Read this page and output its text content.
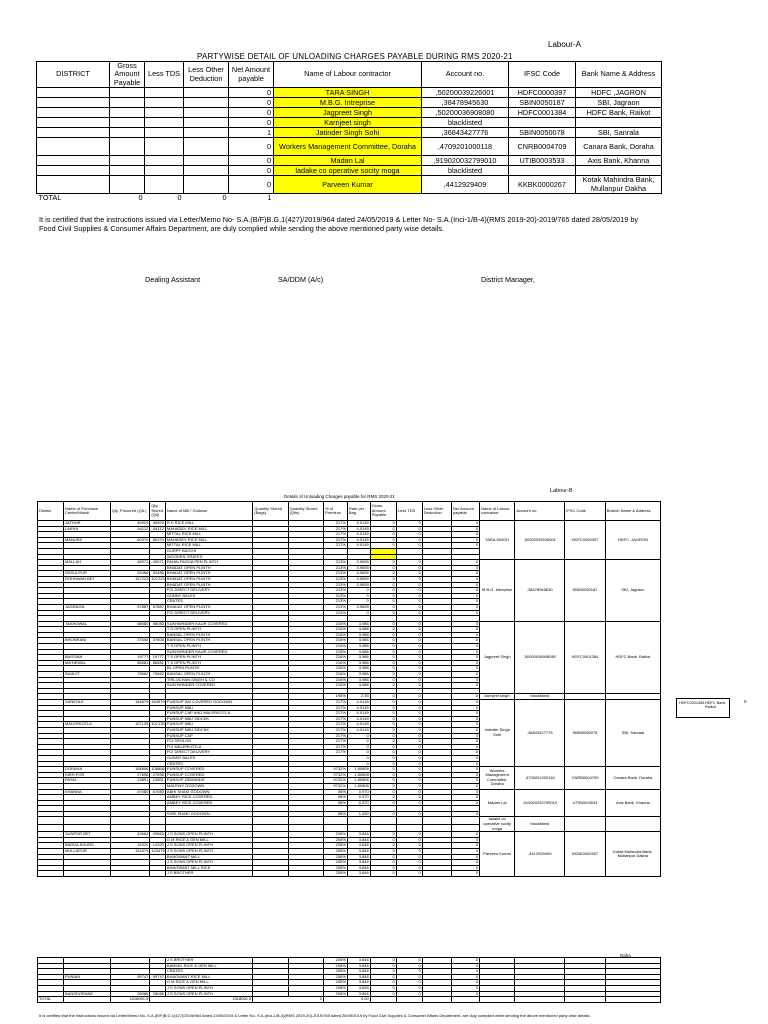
Labour-A
PARTYWISE DETAIL OF UNLOADING CHARGES PAYABLE DURING RMS 2020-21
DISTRICT	Gross Amount Payable	Less TDS	Less Other Deduction	Net Amount payable	Name of Labour contractor	Account no.	IFSC Code	Bank Name & Address
				0	TARA SINGH	,50200039226001	HDFC0000397	HDFC ,JAGRON
				0	M.B.G. Intreprise	,38478945630	SBIN0050187	SBI, Jagraon
				0	Jagpreet Singh	,50200036908080	HDFC0001384	HDFC Bank, Raikot
				0	Karnjeet singh	blacklisted		
				1	Jatinder Singh Sohi	,36843427776	SBIN0050078	SBI, Sanrala
				0	Workers Management Committee, Doraha	,4709201000118	CNRB0004709	Canara Bank, Doraha
				0	Madan Lal	,919020032799010	UTIB0003533	Axis Bank, Khanna
				0	ladake co operative socity moga	blacklisted		
				0	Parveen Kumar	,4412929409	KKBK0000267	Kotak Mahindra Bank, Mullanpur Dakha
TOTAL	0	0	0	1				
It is certified that the instructions issued via Letter/Memo No- S.A.(B/F)B.G.1(427)/2019/964 dated 24/05/2019 & Letter No- S.A.(Inci-1/B-4)(RMS 2019-20)-2019/765 dated 28/05/2019 by Food Civil Supplies & Consumer Affairs Department, are duly complied while sending the above mentioned party wise details.
Dealing Assistant	SA/DDM (A/c)	District Manager,
Labour-B
Details of Unloading Charges payable for RMS 2020-21
District	Name of Purchase Center/Mandi	Qty. Procured (QtL)	Qty. Stored (Qtl)	Name of Mill / Godown	Quantity Stored (Bags)	Quantity Stored (Qtls)	% of Premium	Rate per Bag	Gross Amount Payable	Less TDS	Less Other Deduction	Net Amount payable	Name of Labour contractor	Account no.	IFSC Code	Branch Name & Address
	JATHUR	49929	49929	R K RICE MILL			217%	4.0149	0	0		0	TARA SINGH	,50200039226001	HDFC0000397	HDFC ,JAGRON
	LAKHA	64112	64112	MAHADEV RICE MILL			217%	4.0149	0	0		0				
				MITTAL RICE MILL			217%	4.0149	0	0		0				
	MANUKE	60370	60370	MAHADEV RICE MILL			217%	4.0149	0	0		0				
				MITTAL RICE MILL			217%	4.0149	0	0		0				
				GURPF BAGGS												
				WOODEN CRATES												
	MALLAH	49071	49071	PAHALFAGOA PEN PLINTH			213%	3.9659	0	0		0	M.B.G. Intreprise	,38478945630	SBIN0050187	SBI, Jagraon
				BHADAT OPEN PLINTH			213%	3.9659	0	0		0				
	RASULPUR	53486	53486	BHADAT OPEN PLINTH			213%	3.9659	0	0		0				
	ROHNWAN BET	107223	107223	BHADAT OPEN PLINTH			213%	3.9659	0	0		0				
				BHADAT OPEN PLINTH			213%	3.9659	0	0		0				
				FCI DIRECT DELIVERY			213%	0	0	0		0				
				GUNNY BALES			213%	0	0	0		0				
				CRATES			213%	0	0	0		0				
	JAGRAON	67887	67887	BHADAT OPEN PLINTH			213%	3.9659	0	0		0				
				FCI DIRECT DELIVERY			213%	0	0	0		0				

	TAKHOWAL	58080	58080	SUKHWINDER KAUR COVERED			216%	3.986	0	0		0	Jagpreet Singh	,50200036908080	HDFC0001384	HDFC Bank, Raikot
				T S OPEN PLINTH			216%	3.986	0	0		0				
				BANSAL OPEN PLINTH			216%	3.986	0	0		0				
	BHONRANI	37608	37608	BANSAL OPEN PLINTH			216%	3.986	0	0		0				
				T S OPEN PLINTH			216%	3.986	0	0		0				
				SUKHWINDER KAUR COVERED			216%	3.986	0	0		0				
	BASSIAN	19777	19777	T S OPEN PLINTH			216%	3.986	0	0		0				
	MA'HEWAL	86681	86681	T S OPEN PLINTH			216%	3.986	0	0		0				
				BL OPEN PLINTH			216%	3.986	0	0		0				
	RAIKOT	79662	79662	BANSAL OPEN PLINTH			216%	3.986	0	0		0				
				TIRLOCHAN SINGH & CO			216%	3.986	0	0		0				
				SUKHWINDER COVERED			216%	3.986	0	0		0				

							198%	2.39	0	0		0	karnjeet singh	blacklisted		
	SANEHLE	164679	164679	PUNSUP SAI COVERED GODOWN			217%	4.0149	0	0		0	Jatinder Singh Sohi	,36843427776	SBIN0050078	SBI, Sanrala
				PUNSUP NBU			217%	4.0149	0	0		0				
				PUNSUP CAP AND MALERKOTLA			217%	4.0149	0	0		0				
				PUNSUP NBU SIDCKK			217%	4.0149	0	0		0				
	MALERKOTLA	107135	107135	PUNSUP NBU			217%	4.0149	0	0		0				
				PUNSUP NBU SIDCKK			217%	4.0149	0	0		0				
				PUNSUP CAP			217%	0	0	0		0				
				FCI DEHLON			217%	0	0	0		0				
				FCI MALERKOTLA			217%	0	0	0		0				
				FCI DIRECT DELIVERY			217%	0	0	0		0				
				GUNNY BALES				0	0	0		0				
				CRATES				0	0	0		0				
	DORAHA	108856	108856	PUNSUP COVERED			9732%	1.80808	0	0		0	Workers Management Committee, Doraha	,4709201000118	CNRB0004709	Canara Bank, Doraha
	SIRH POR	27696	27696	PUNSUP COVERED			9732%	1.80808	0	0		0				
	PAYAL	13891	13891	PUNSUP DEMANDE			9732%	1.80808	0	0		0				
				MALEWY GODOWN			9732%	1.80808	0	0		0				
	KHANNA	67080	67080	ABHI SHAKI GODOWN			98%	0.970	0	0		0	Madan Lal	,919020032799010	UTIB0003533	Axis Bank, Khanna
				AMBEY RICE COVERED			98%	0.970	0	0		0				
				AMBEY RICE COVERED			98%	0.970	0	0		0				

				SHRI SHAKI GODOWN			98%	1.630	0	0		0				
													ladake co operative socity moga	blacklisted		

	SUNPOR BET	49663	49663	J S SONS OPEN PLINTH			208%	3.846	0	0		0	Parveen Kumar	,4412929409	KKBK0000267	Kotak Mahindra Bank, Mullanpur Dakha
				G M RICE & GEN MILL			208%	3.846	0	0		0				
	BADDA KHURD	14320	14320	J S SONS OPEN PLINTH			208%	3.846	0	0		0				
	MULLAPUR	124479	124479	J S SONS OPEN PLINTH			208%	3.846	0	0		0				
				BHAGWANT MILL			208%	3.846	0	0		0				
				J S SONS OPEN PLINTH			208%	3.846	0	0		0				
				BHAGWANT MILL RICE			208%	3.846	0	0		0				
				J S BROTHER			208%	3.846	0	0		0				
HDFC0001384 HDFC Bank, Raikot
0
Daha
				J S BROTHER			208%	3.846	0	0		0				
				BANSAL RICE & GEN MILL			208%	3.846	0	0		0				
				CRATES			208%	3.846	0	0		0				
	PUNAIN	95747	95747	BHAGWANT RICE MILL			208%	3.846	0	0		0				
				G M RICE & GEN MILL			208%	3.846	0	0		0				
				J S SONS OPEN PLINTH			208%	3.846	0	0		0				
	BANSDORANE	28086	28086	J S SONS OPEN PLINTH			208%	3.846	0	0		0				
TOTAL		1518061.5	1518061.5		0		0.00									
It is certified that the instructions issued via Letter/Memo No- S.A.(B/F)B.G.1(427)/2019/964 dated 24/05/2019 & Letter No- S.A.(Inci-1/B-4)(RMS 2019-20)-2019/765 dated 28/05/2019 by Food Civil Supplies & Consumer Affairs Department, are duly complied while sending the above mentioned party wise details.
